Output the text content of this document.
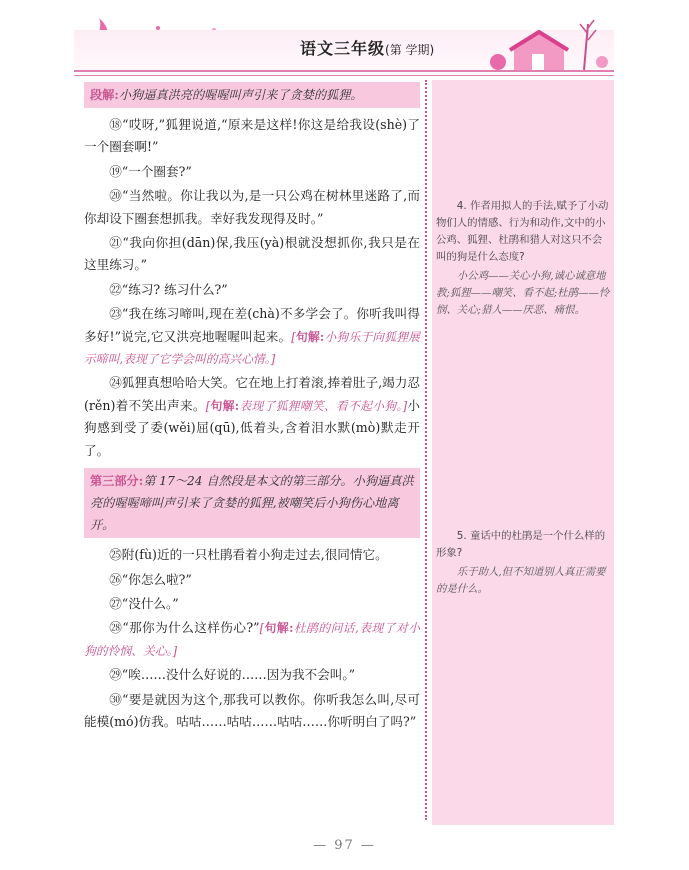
语文三年级(第 学期)
段解:小狗逼真洪亮的喔喔叫声引来了贪婪的狐狸。

⑱“哎呀,”狐狸说道,“原来是这样!你这是给我设(shè)了一个圈套啊!”

⑲“一个圈套?”

⑳“当然啦。你让我以为,是一只公鸡在树林里迷路了,而你却设下圈套想抓我。幸好我发现得及时。”

㉑“我向你担(dān)保,我压(yà)根就没想抓你,我只是在这里练习。”

㉒“练习? 练习什么?”

㉓“我在练习啼叫,现在差(chà)不多学会了。你听我叫得多好!”说完,它又洪亮地喔喔叫起来。[句解:小狗乐于向狐狸展示啼叫,表现了它学会叫的高兴心情。]

㉔狐狸真想哈哈大笑。它在地上打着滚,捧着肚子,竭力忍(rěn)着不笑出声来。[句解:表现了狐狸嘲笑、看不起小狗。]小狗感到受了委(wěi)屈(qū),低着头,含着泪水默(mò)默走开了。

第三部分:第 17～24 自然段是本文的第三部分。小狗逼真洪亮的喔喔啼叫声引来了贪婪的狐狸,被嘲笑后小狗伤心地离开。

㉕附(fù)近的一只杜鹃看着小狗走过去,很同情它。

㉖“你怎么啦?”

㉗“没什么。”

㉘“那你为什么这样伤心?”[句解:杜鹃的问话,表现了对小狗的怜悯、关心。]

㉙“唉……没什么好说的……因为我不会叫。”

㉚“要是就因为这个,那我可以教你。你听我怎么叫,尽可能模(mó)仿我。咕咕……咕咕……咕咕……你听明白了吗?”

4. 作者用拟人的手法,赋予了小动物们人的情感、行为和动作,文中的小公鸡、狐狸、杜鹃和猎人对这只不会叫的狗是什么态度?

小公鸡——关心小狗,诚心诚意地教;狐狸——嘲笑、看不起;杜鹃——怜悯、关心;猎人——厌恶、痛恨。

5. 童话中的杜鹃是一个什么样的形象?

乐于助人,但不知道别人真正需要的是什么。

— 97 —
